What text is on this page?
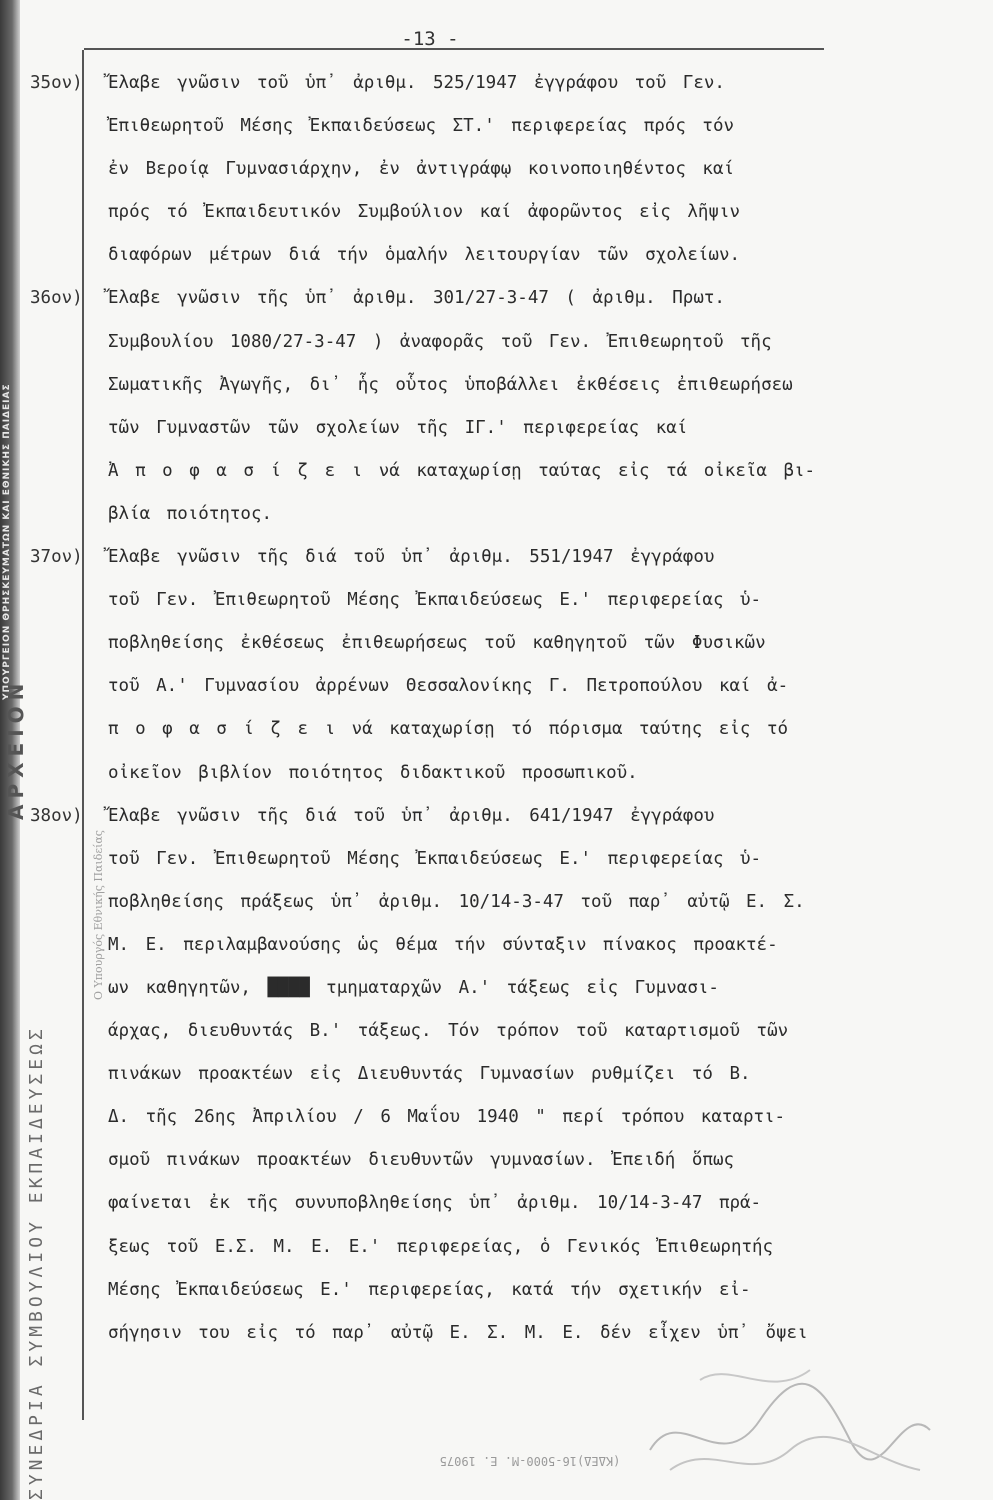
ΥΠΟΥΡΓΕΙΟΝ ΘΡΗΣΚΕΥΜΑΤΩΝ ΚΑΙ ΕΘΝΙΚΗΣ ΠΑΙΔΕΙΑΣ
ΑΡΧΕΙΟΝ
ΣΥΝΕΔΡΙΑ ΣΥΜΒΟΥΛΙΟΥ ΕΚΠΑΙΔΕΥΣΕΩΣ
-13 -
Ο Υπουργός Εθνικής Παιδείας
35ον) Ἔλαβε γνῶσιν τοῦ ὑπ᾽ ἀριθμ. 525/1947 ἐγγράφου τοῦ Γεν.
Ἐπιθεωρητοῦ Μέσης Ἐκπαιδεύσεως ΣΤ.' περιφερείας πρός τόν
ἐν Βεροίᾳ Γυμνασιάρχην, ἐν ἀντιγράφῳ κοινοποιηθέντος καί
πρός τό Ἐκπαιδευτικόν Συμβούλιον καί ἀφορῶντος εἰς λῆψιν
διαφόρων μέτρων διά τήν ὁμαλήν λειτουργίαν τῶν σχολείων.
36ον) Ἔλαβε γνῶσιν τῆς ὑπ᾽ ἀριθμ. 301/27-3-47 ( ἀριθμ. Πρωτ.
Συμβουλίου 1080/27-3-47 ) ἀναφορᾶς τοῦ Γεν. Ἐπιθεωρητοῦ τῆς
Σωματικῆς Ἀγωγῆς, δι᾽ ἧς οὗτος ὑποβάλλει ἐκθέσεις ἐπιθεωρήσεω
τῶν Γυμναστῶν τῶν σχολείων τῆς ΙΓ.' περιφερείας καί
Ἀ π ο φ α σ ί ζ ε ι νά καταχωρίσῃ ταύτας εἰς τά οἰκεῖα βι-
βλία ποιότητος.
37ον) Ἔλαβε γνῶσιν τῆς διά τοῦ ὑπ᾽ ἀριθμ. 551/1947 ἐγγράφου
τοῦ Γεν. Ἐπιθεωρητοῦ Μέσης Ἐκπαιδεύσεως Ε.' περιφερείας ὑ-
ποβληθείσης ἐκθέσεως ἐπιθεωρήσεως τοῦ καθηγητοῦ τῶν Φυσικῶν
τοῦ Α.' Γυμνασίου ἀρρένων Θεσσαλονίκης Γ. Πετροπούλου καί ἀ-
π ο φ α σ ί ζ ε ι νά καταχωρίσῃ τό πόρισμα ταύτης εἰς τό
οἰκεῖον βιβλίον ποιότητος διδακτικοῦ προσωπικοῦ.
38ον) Ἔλαβε γνῶσιν τῆς διά τοῦ ὑπ᾽ ἀριθμ. 641/1947 ἐγγράφου
τοῦ Γεν. Ἐπιθεωρητοῦ Μέσης Ἐκπαιδεύσεως Ε.' περιφερείας ὑ-
ποβληθείσης πράξεως ὑπ᾽ ἀριθμ. 10/14-3-47 τοῦ παρ᾽ αὐτῷ Ε. Σ.
Μ. Ε. περιλαμβανούσης ὡς θέμα τήν σύνταξιν πίνακος προακτέ-
ων καθηγητῶν, ████ τμηματαρχῶν Α.' τάξεως εἰς Γυμνασι-
άρχας, διευθυντάς Β.' τάξεως. Τόν τρόπον τοῦ καταρτισμοῦ τῶν
πινάκων προακτέων εἰς Διευθυντάς Γυμνασίων ρυθμίζει τό Β.
Δ. τῆς 26ης Ἀπριλίου / 6 Μαΐου 1940 " περί τρόπου καταρτι-
σμοῦ πινάκων προακτέων διευθυντῶν γυμνασίων. Ἐπειδή ὅπως
φαίνεται ἐκ τῆς συνυποβληθείσης ὑπ᾽ ἀριθμ. 10/14-3-47 πρά-
ξεως τοῦ Ε.Σ. Μ. Ε. Ε.' περιφερείας, ὁ Γενικός Ἐπιθεωρητής
Μέσης Ἐκπαιδεύσεως Ε.' περιφερείας, κατά τήν σχετικήν εἰ-
σήγησιν του εἰς τό παρ᾽ αὐτῷ Ε. Σ. Μ. Ε. δέν εἶχεν ὑπ᾽ ὄψει
(ΚΔΕΔ)16-5000-Μ. Ε. 19075
